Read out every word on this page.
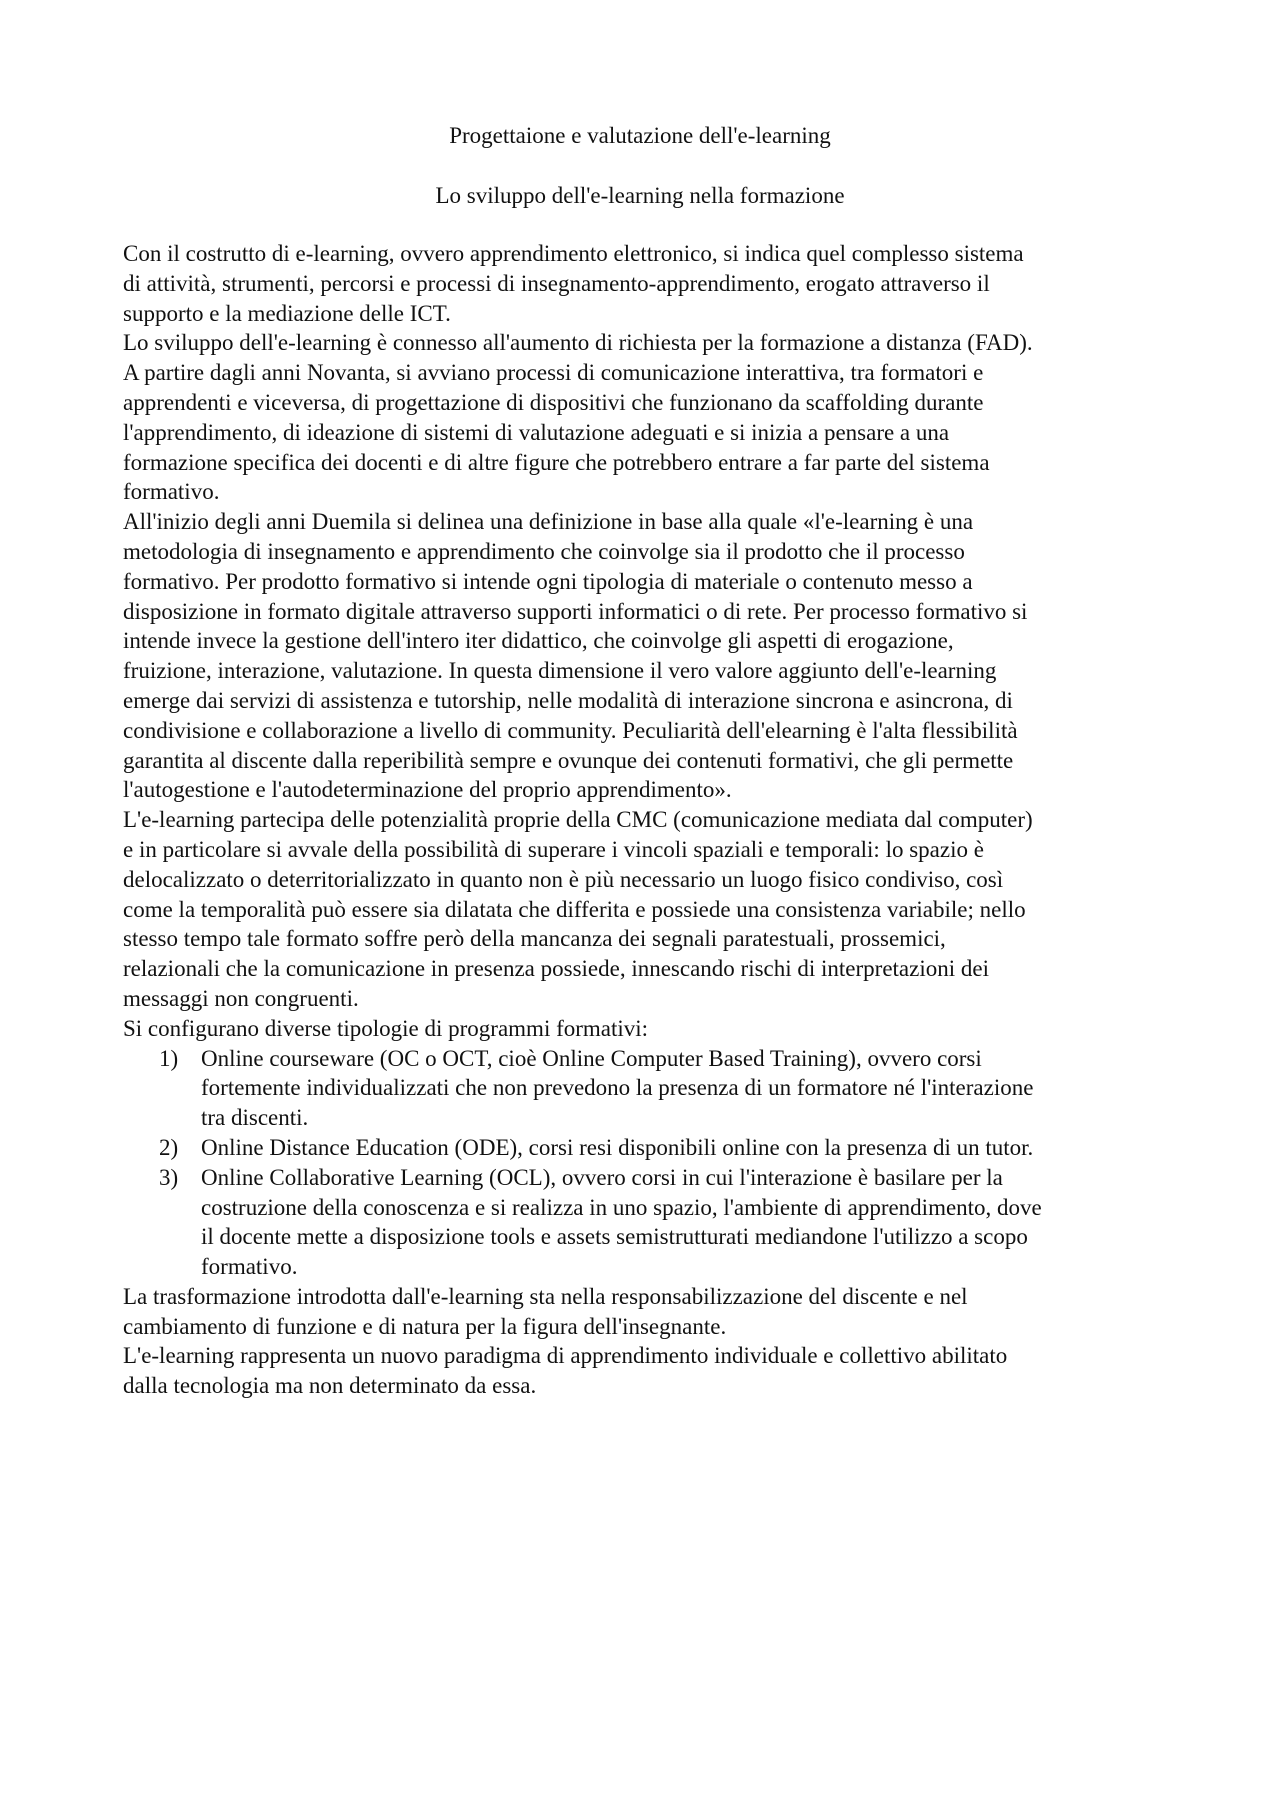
Progettaione e valutazione dell'e-learning
Lo sviluppo dell'e-learning nella formazione
Con il costrutto di e-learning, ovvero apprendimento elettronico, si indica quel complesso sistema
di attività, strumenti, percorsi e processi di insegnamento-apprendimento, erogato attraverso il
supporto e la mediazione delle ICT.
Lo sviluppo dell'e-learning è connesso all'aumento di richiesta per la formazione a distanza (FAD).
A partire dagli anni Novanta, si avviano processi di comunicazione interattiva, tra formatori e
apprendenti e viceversa, di progettazione di dispositivi che funzionano da scaffolding durante
l'apprendimento, di ideazione di sistemi di valutazione adeguati e si inizia a pensare a una
formazione specifica dei docenti e di altre figure che potrebbero entrare a far parte del sistema
formativo.
All'inizio degli anni Duemila si delinea una definizione in base alla quale «l'e-learning è una
metodologia di insegnamento e apprendimento che coinvolge sia il prodotto che il processo
formativo. Per prodotto formativo si intende ogni tipologia di materiale o contenuto messo a
disposizione in formato digitale attraverso supporti informatici o di rete. Per processo formativo si
intende invece la gestione dell'intero iter didattico, che coinvolge gli aspetti di erogazione,
fruizione, interazione, valutazione. In questa dimensione il vero valore aggiunto dell'e-learning
emerge dai servizi di assistenza e tutorship, nelle modalità di interazione sincrona e asincrona, di
condivisione e collaborazione a livello di community. Peculiarità dell'elearning è l'alta flessibilità
garantita al discente dalla reperibilità sempre e ovunque dei contenuti formativi, che gli permette
l'autogestione e l'autodeterminazione del proprio apprendimento».
L'e-learning partecipa delle potenzialità proprie della CMC (comunicazione mediata dal computer)
e in particolare si avvale della possibilità di superare i vincoli spaziali e temporali: lo spazio è
delocalizzato o deterritorializzato in quanto non è più necessario un luogo fisico condiviso, così
come la temporalità può essere sia dilatata che differita e possiede una consistenza variabile; nello
stesso tempo tale formato soffre però della mancanza dei segnali paratestuali, prossemici,
relazionali che la comunicazione in presenza possiede, innescando rischi di interpretazioni dei
messaggi non congruenti.
Si configurano diverse tipologie di programmi formativi:
1) Online courseware (OC o OCT, cioè Online Computer Based Training), ovvero corsi
fortemente individualizzati che non prevedono la presenza di un formatore né l'interazione
tra discenti.
2) Online Distance Education (ODE), corsi resi disponibili online con la presenza di un tutor.
3) Online Collaborative Learning (OCL), ovvero corsi in cui l'interazione è basilare per la
costruzione della conoscenza e si realizza in uno spazio, l'ambiente di apprendimento, dove
il docente mette a disposizione tools e assets semistrutturati mediandone l'utilizzo a scopo
formativo.
La trasformazione introdotta dall'e-learning sta nella responsabilizzazione del discente e nel
cambiamento di funzione e di natura per la figura dell'insegnante.
L'e-learning rappresenta un nuovo paradigma di apprendimento individuale e collettivo abilitato
dalla tecnologia ma non determinato da essa.
